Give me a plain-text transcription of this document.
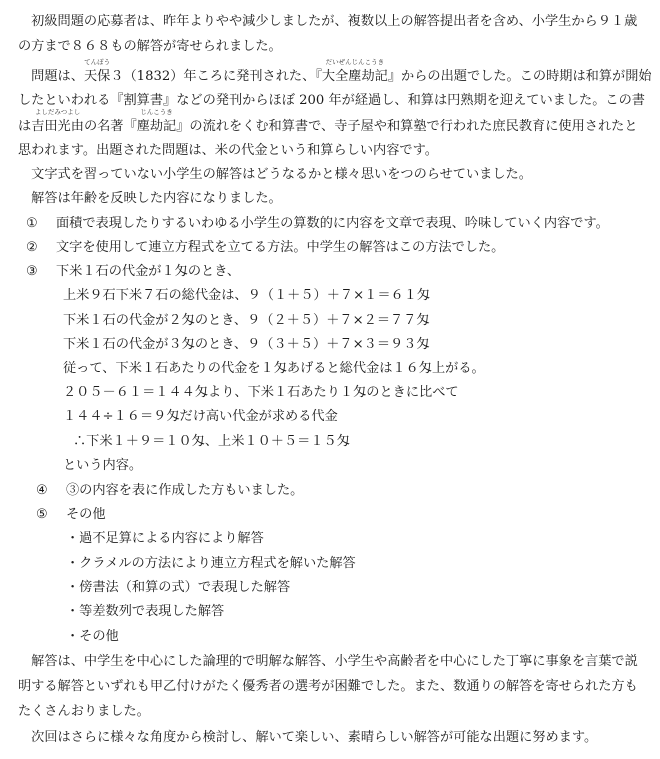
　初級問題の応募者は、昨年よりやや減少しましたが、複数以上の解答提出者を含め、小学生から９１歳
の方まで８６８もの解答が寄せられました。
　問題は、
てんぽう
天保３（1832）年ころに発刊された、『
だいぜんじんこうき
大全塵劫記』からの出題でした。この時期は和算が開始
したといわれる『割算書』などの発刊からほぼ 200 年が経過し、和算は円熟期を迎えていました。この書
は
よしだみつよし
吉田光由の名著『
じんこうき
塵劫記』の流れをくむ和算書で、寺子屋や和算塾で行われた庶民教育に使用されたと
思われます。出題された問題は、米の代金という和算らしい内容です。
　文字式を習っていない小学生の解答はどうなるかと様々思いをつのらせていました。
　解答は年齢を反映した内容になりました。
① 面積で表現したりするいわゆる小学生の算数的に内容を文章で表現、吟味していく内容です。
② 文字を使用して連立方程式を立てる方法。中学生の解答はこの方法でした。
③ 下米１石の代金が１匁のとき、
上米９石下米７石の総代金は、９（１＋５）＋７×１＝６１匁
下米１石の代金が２匁のとき、９（２＋５）＋７×２＝７７匁
下米１石の代金が３匁のとき、９（３＋５）＋７×３＝９３匁
従って、下米１石あたりの代金を１匁あげると総代金は１６匁上がる。
２０５－６１＝１４４匁より、下米１石あたり１匁のときに比べて
１４４÷１６＝９匁だけ高い代金が求める代金
∴下米１＋９＝１０匁、上米１０＋５＝１５匁
という内容。
④ ③の内容を表に作成した方もいました。
⑤ その他
・過不足算による内容により解答
・クラメルの方法により連立方程式を解いた解答
・傍書法（和算の式）で表現した解答
・等差数列で表現した解答
・その他
　解答は、中学生を中心にした論理的で明解な解答、小学生や高齢者を中心にした丁寧に事象を言葉で説
明する解答といずれも甲乙付けがたく優秀者の選考が困難でした。また、数通りの解答を寄せられた方も
たくさんおりました。
　次回はさらに様々な角度から検討し、解いて楽しい、素晴らしい解答が可能な出題に努めます。
